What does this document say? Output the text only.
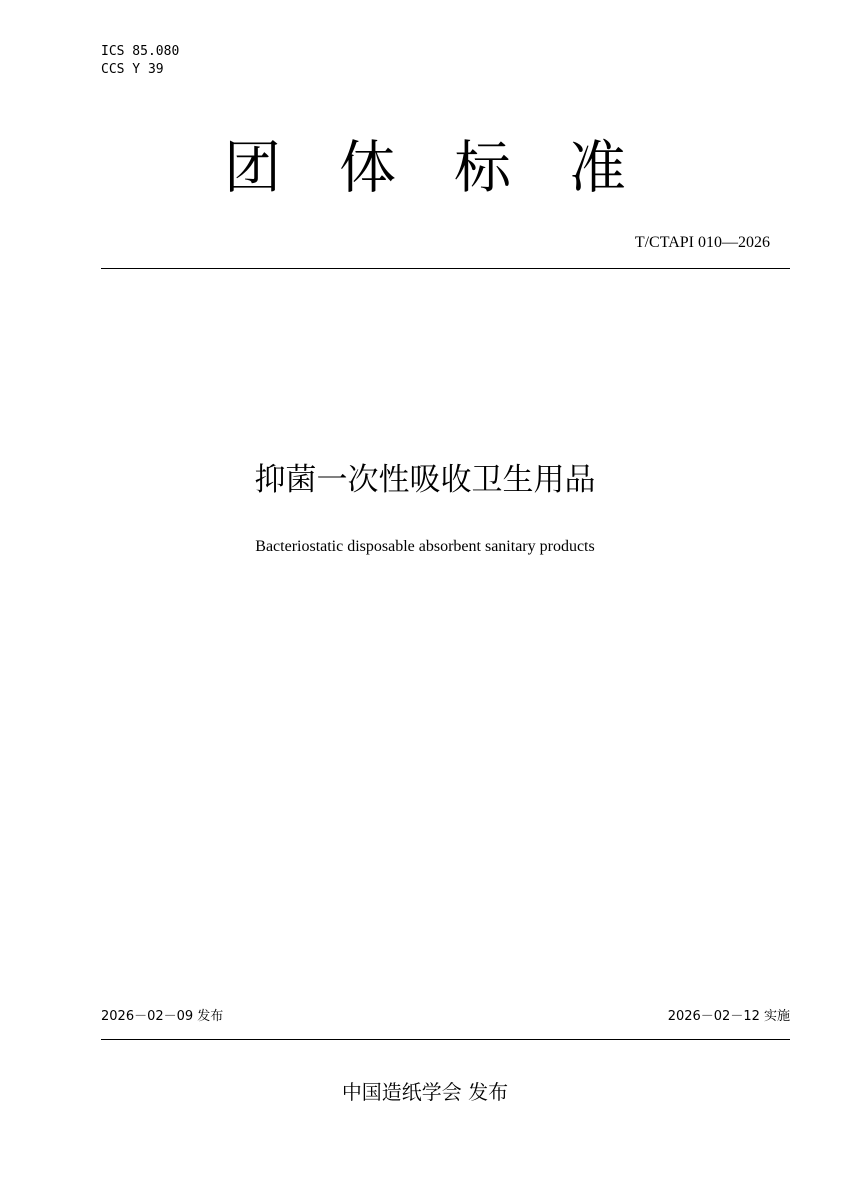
ICS 85.080
CCS Y 39
团体标准
T/CTAPI 010—2026
抑菌一次性吸收卫生用品
Bacteriostatic disposable absorbent sanitary products
2026－02－09 发布	2026－02－12 实施
中国造纸学会 发布
